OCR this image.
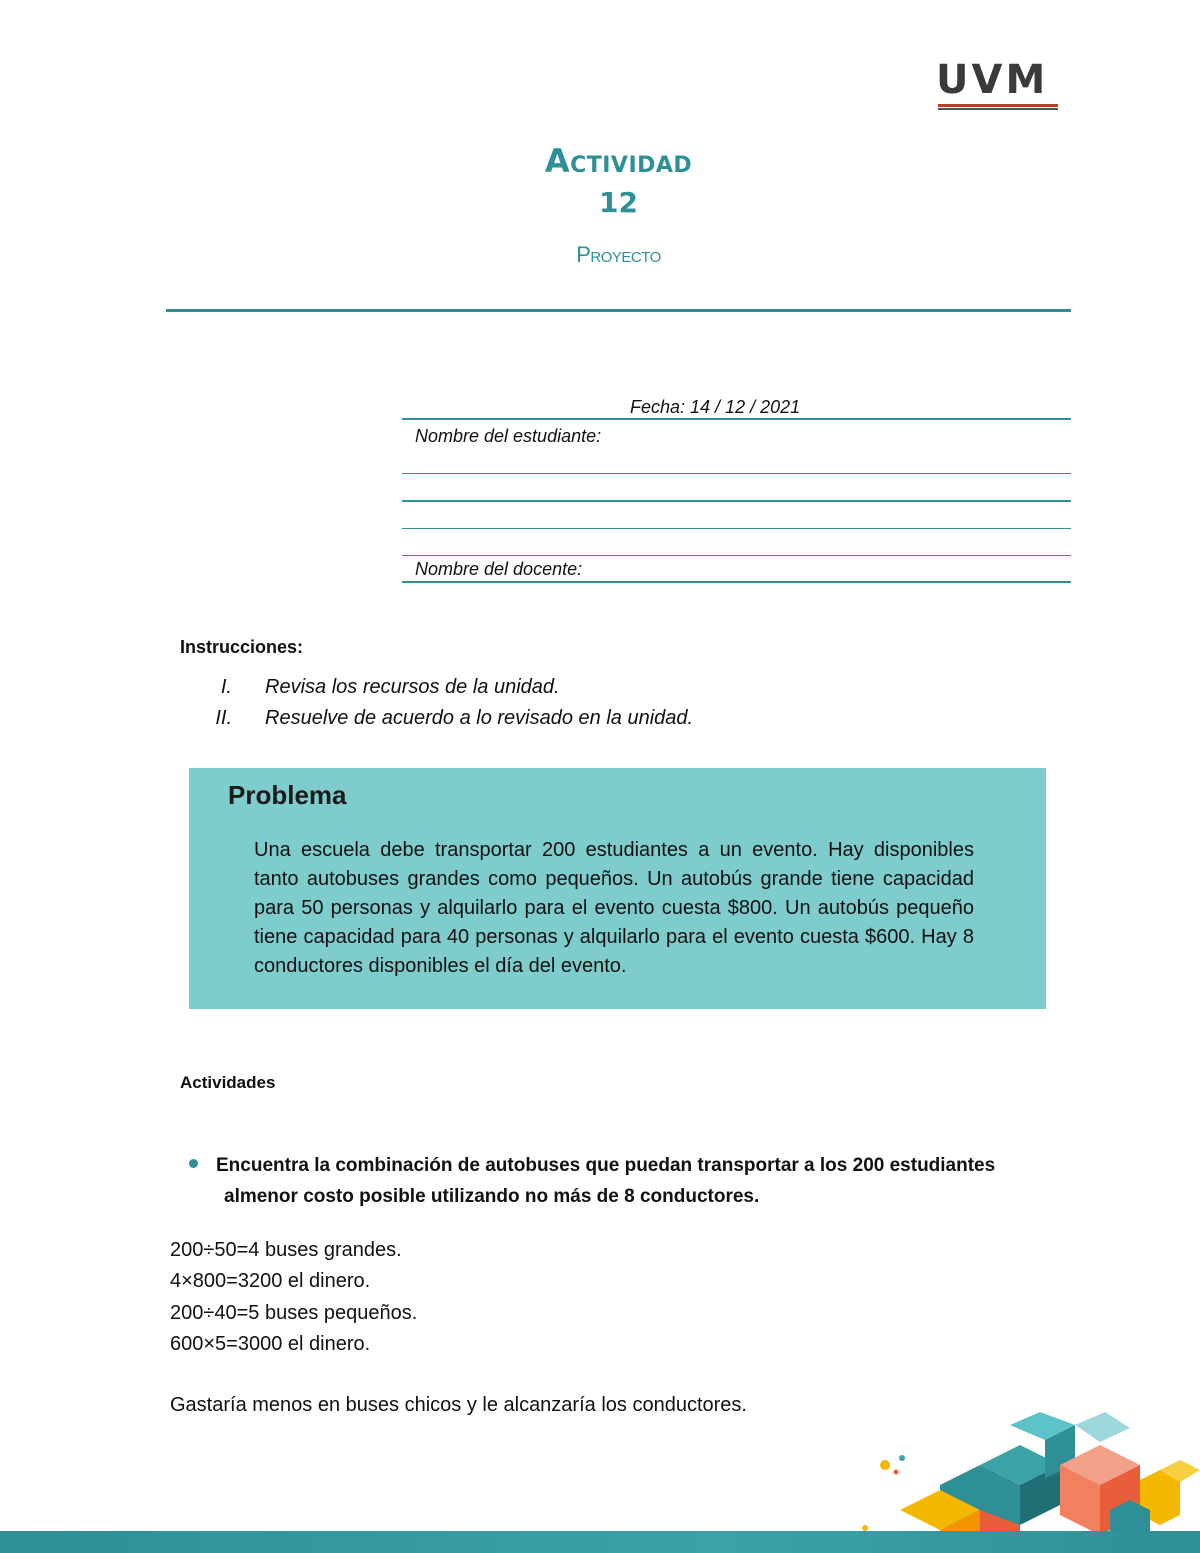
UVM
Actividad
12
Proyecto
Fecha: 14 / 12 / 2021
Nombre del estudiante:
Nombre del docente:
Instrucciones:
I. Revisa los recursos de la unidad.
II. Resuelve de acuerdo a lo revisado en la unidad.
Problema
Una escuela debe transportar 200 estudiantes a un evento. Hay disponibles tanto autobuses grandes como pequeños. Un autobús grande tiene capacidad para 50 personas y alquilarlo para el evento cuesta $800. Un autobús pequeño tiene capacidad para 40 personas y alquilarlo para el evento cuesta $600. Hay 8 conductores disponibles el día del evento.
Actividades
Encuentra la combinación de autobuses que puedan transportar a los 200 estudiantes
almenor costo posible utilizando no más de 8 conductores.
200÷50=4 buses grandes.
4×800=3200 el dinero.
200÷40=5 buses pequeños.
600×5=3000 el dinero.
Gastaría menos en buses chicos y le alcanzaría los conductores.
